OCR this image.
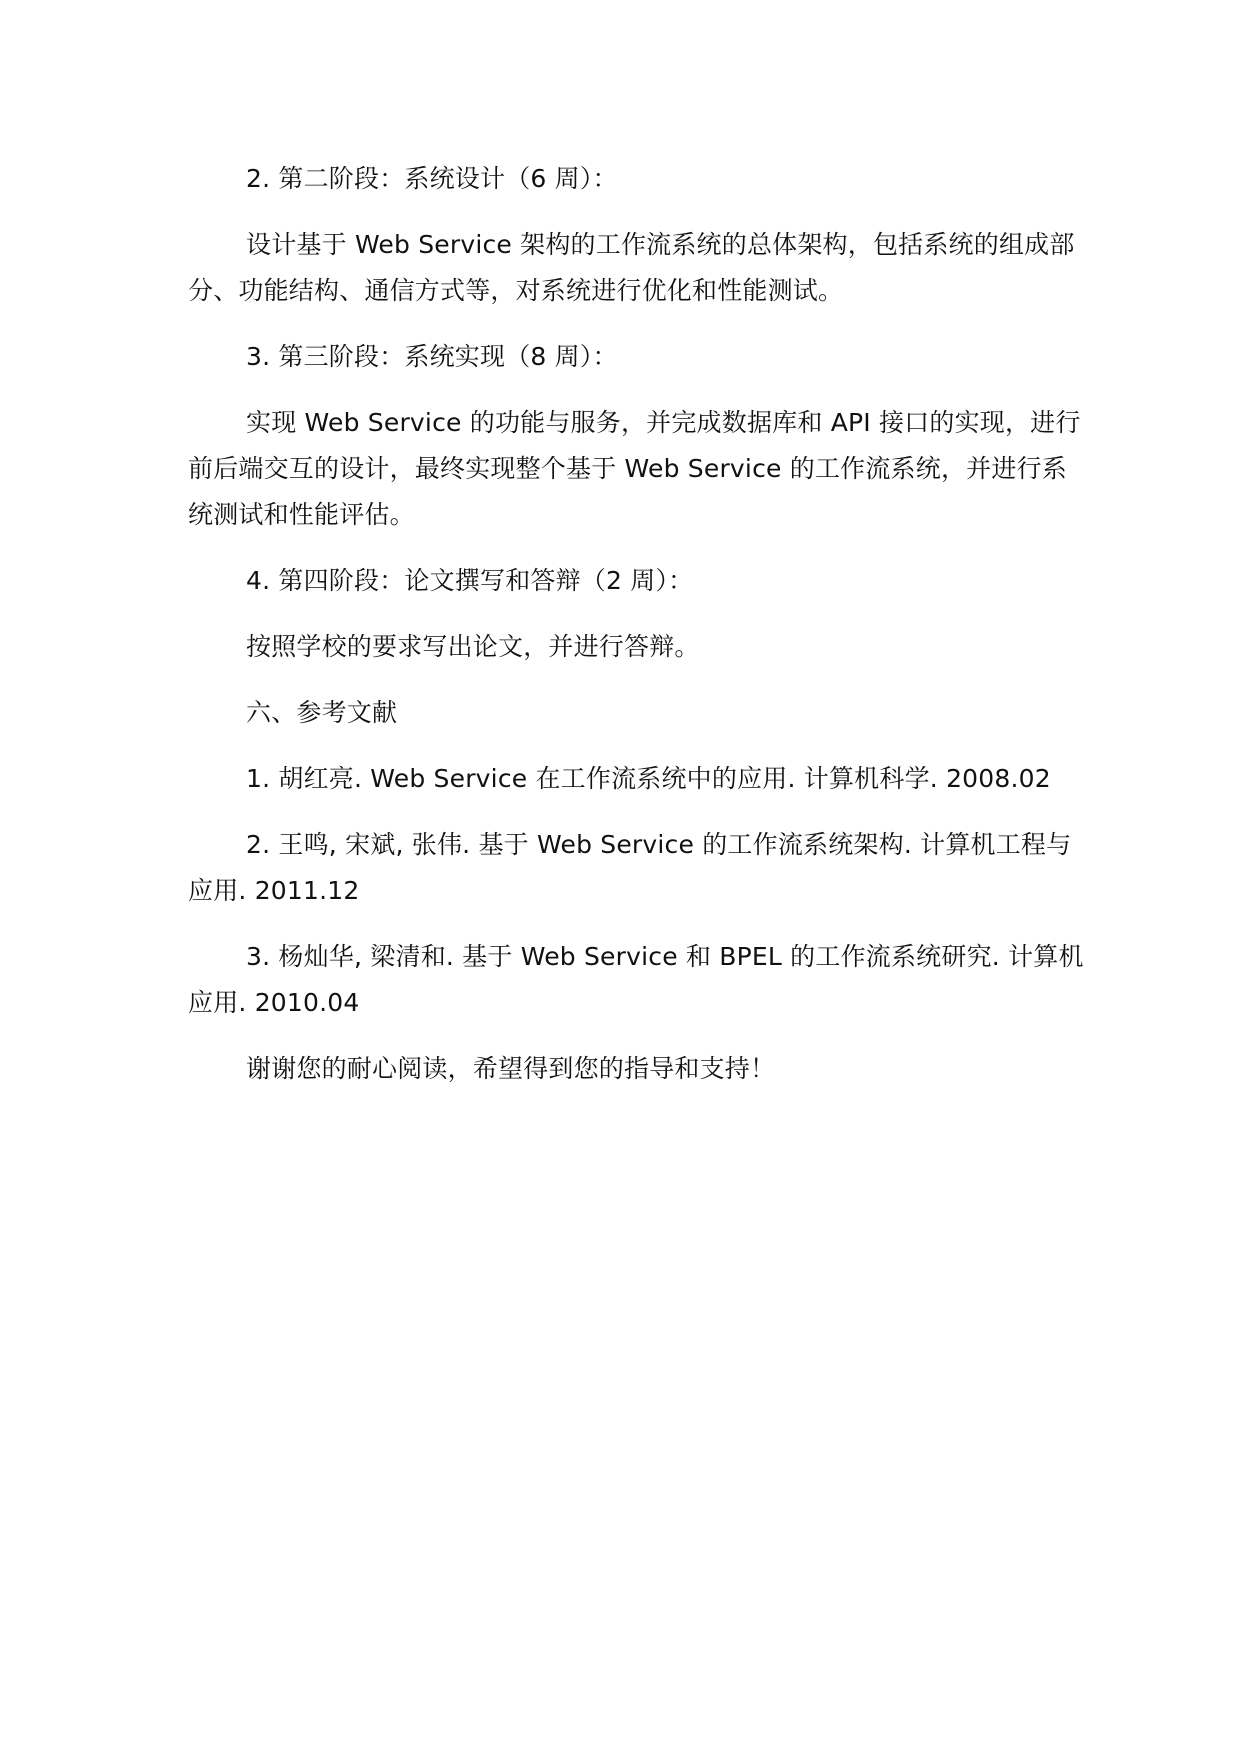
2. 第二阶段：系统设计（6 周）：

设计基于 Web Service 架构的工作流系统的总体架构，包括系统的组成部分、功能结构、通信方式等，对系统进行优化和性能测试。

3. 第三阶段：系统实现（8 周）：

实现 Web Service 的功能与服务，并完成数据库和 API 接口的实现，进行前后端交互的设计，最终实现整个基于 Web Service 的工作流系统，并进行系统测试和性能评估。

4. 第四阶段：论文撰写和答辩（2 周）：

按照学校的要求写出论文，并进行答辩。

六、参考文献

1. 胡红亮. Web Service 在工作流系统中的应用. 计算机科学. 2008.02

2. 王鸣, 宋斌, 张伟. 基于 Web Service 的工作流系统架构. 计算机工程与应用. 2011.12

3. 杨灿华, 梁清和. 基于 Web Service 和 BPEL 的工作流系统研究. 计算机应用. 2010.04

谢谢您的耐心阅读，希望得到您的指导和支持！
